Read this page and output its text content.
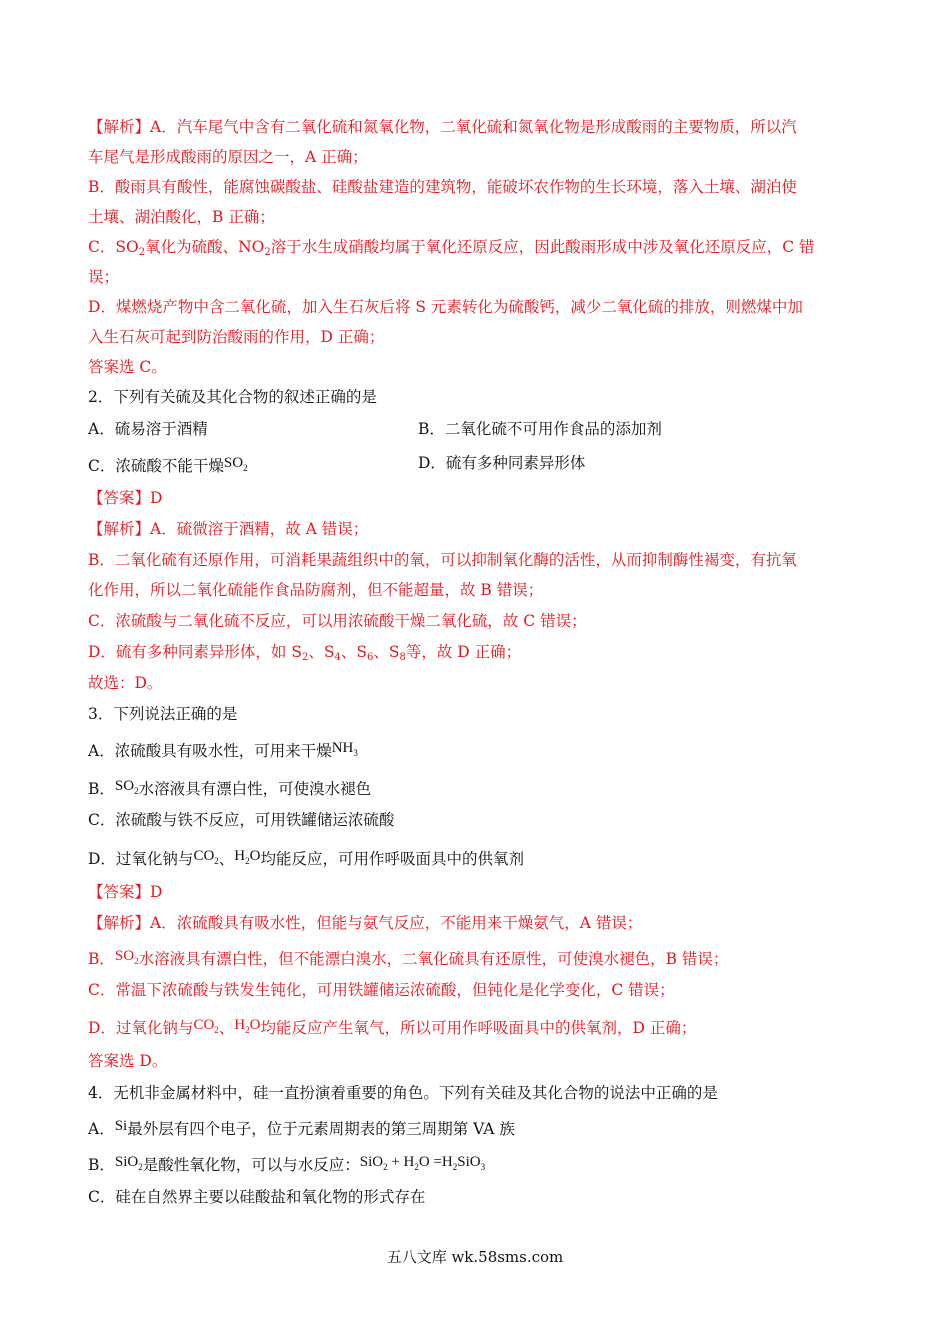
【解析】A．汽车尾气中含有二氧化硫和氮氧化物，二氧化硫和氮氧化物是形成酸雨的主要物质，所以汽
车尾气是形成酸雨的原因之一，A 正确；
B．酸雨具有酸性，能腐蚀碳酸盐、硅酸盐建造的建筑物，能破坏农作物的生长环境，落入土壤、湖泊使
土壤、湖泊酸化，B 正确；
C．$SO_2$氧化为硫酸、$NO_2$溶于水生成硝酸均属于氧化还原反应，因此酸雨形成中涉及氧化还原反应，C 错
误；
D．煤燃烧产物中含二氧化硫，加入生石灰后将 S 元素转化为硫酸钙，减少二氧化硫的排放，则燃煤中加
入生石灰可起到防治酸雨的作用，D 正确；
答案选 C。
2．下列有关硫及其化合物的叙述正确的是
A．硫易溶于酒精	B．二氧化硫不可用作食品的添加剂
C．浓硫酸不能干燥$SO_2$	D．硫有多种同素异形体
【答案】D
【解析】A．硫微溶于酒精，故 A 错误；
B．二氧化硫有还原作用，可消耗果蔬组织中的氧，可以抑制氧化酶的活性，从而抑制酶性褐变，有抗氧
化作用，所以二氧化硫能作食品防腐剂，但不能超量，故 B 错误；
C．浓硫酸与二氧化硫不反应，可以用浓硫酸干燥二氧化硫，故 C 错误；
D．硫有多种同素异形体，如 $S_2$、$S_4$、$S_6$、$S_8$等，故 D 正确；
故选：D。
3．下列说法正确的是
A．浓硫酸具有吸水性，可用来干燥$NH_3$
B．$SO_2$水溶液具有漂白性，可使溴水褪色
C．浓硫酸与铁不反应，可用铁罐储运浓硫酸
D．过氧化钠与$CO_2$、$H_2O$均能反应，可用作呼吸面具中的供氧剂
【答案】D
【解析】A．浓硫酸具有吸水性，但能与氨气反应，不能用来干燥氨气，A 错误；
B．$SO_2$水溶液具有漂白性，但不能漂白溴水，二氧化硫具有还原性，可使溴水褪色，B 错误；
C．常温下浓硫酸与铁发生钝化，可用铁罐储运浓硫酸，但钝化是化学变化，C 错误；
D．过氧化钠与$CO_2$、$H_2O$均能反应产生氧气，所以可用作呼吸面具中的供氧剂，D 正确；
答案选 D。
4．无机非金属材料中，硅一直扮演着重要的角色。下列有关硅及其化合物的说法中正确的是
A．Si最外层有四个电子，位于元素周期表的第三周期第 VA 族
B．SiO$_2$是酸性氧化物，可以与水反应：$SiO_2 + H_2O =H_2SiO_3$
C．硅在自然界主要以硅酸盐和氧化物的形式存在
五八文库 wk.58sms.com
